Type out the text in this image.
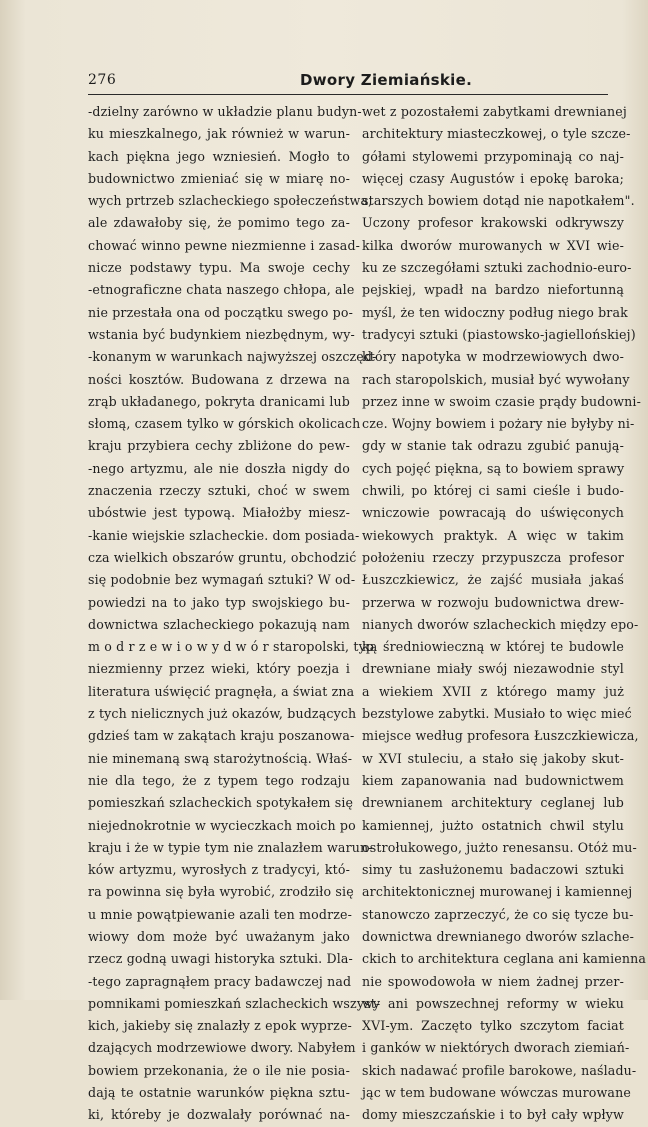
276	Dwory Ziemiańskie.
-dzielny zarówno w układzie planu budyn-
ku mieszkalnego, jak również w warun-
kach piękna jego wzniesień. Mogło to
budownictwo zmieniać się w miarę no-
wych prtrzeb szlacheckiego społeczeństwa,
ale zdawałoby się, że pomimo tego za-
chować winno pewne niezmienne i zasad-
nicze podstawy typu. Ma swoje cechy
-etnograficzne chata naszego chłopa, ale
nie przestała ona od początku swego po-
wstania być budynkiem niezbędnym, wy-
-konanym w warunkach najwyższej oszczęd-
ności kosztów. Budowana z drzewa na
zrąb układanego, pokryta dranicami lub
słomą, czasem tylko w górskich okolicach
kraju przybiera cechy zbliżone do pew-
-nego artyzmu, ale nie doszła nigdy do
znaczenia rzeczy sztuki, choć w swem
ubóstwie jest typową. Miałożby miesz-
-kanie wiejskie szlacheckie. dom posiada-
cza wielkich obszarów gruntu, obchodzić
się podobnie bez wymagań sztuki? W od-
powiedzi na to jako typ swojskiego bu-
downictwa szlacheckiego pokazują nam
m o d r z e w i o w y d w ó r staropolski, typ
niezmienny przez wieki, który poezja i
literatura uświęcić pragnęła, a świat zna
z tych nielicznych już okazów, budzących
gdzieś tam w zakątach kraju poszanowa-
nie minemaną swą starożytnością. Właś-
nie dla tego, że z typem tego rodzaju
pomieszkań szlacheckich spotykałem się
niejednokrotnie w wycieczkach moich po
kraju i że w typie tym nie znalazłem warun-
ków artyzmu, wyrosłych z tradycyi, któ-
ra powinna się była wyrobić, zrodziło się
u mnie powątpiewanie azali ten modrze-
wiowy dom może być uważanym jako
rzecz godną uwagi historyka sztuki. Dla-
-tego zapragnąłem pracy badawczej nad
pomnikami pomieszkań szlacheckich wszyst-
kich, jakieby się znalazły z epok wyprze-
dzających modrzewiowe dwory. Nabyłem
bowiem przekonania, że o ile nie posia-
dają te ostatnie warunków piękna sztu-
ki, któreby je dozwalały porównać na-
wet z pozostałemi zabytkami drewnianej
architektury miasteczkowej, o tyle szcze-
gółami stylowemi przypominają co naj-
więcej czasy Augustów i epokę baroka;
starszych bowiem dotąd nie napotkałem".
Uczony profesor krakowski odkrywszy
kilka dworów murowanych w XVI wie-
ku ze szczegółami sztuki zachodnio-euro-
pejskiej, wpadł na bardzo niefortunną
myśl, że ten widoczny podług niego brak
tradycyi sztuki (piastowsko-jagiellońskiej)
który napotyka w modrzewiowych dwo-
rach staropolskich, musiał być wywołany
przez inne w swoim czasie prądy budowni-
cze. Wojny bowiem i pożary nie byłyby ni-
gdy w stanie tak odrazu zgubić panują-
cych pojęć piękna, są to bowiem sprawy
chwili, po której ci sami cieśle i budo-
wniczowie powracają do uświęconych
wiekowych praktyk. A więc w takim
położeniu rzeczy przypuszcza profesor
Łuszczkiewicz, że zajść musiała jakaś
przerwa w rozwoju budownictwa drew-
nianych dworów szlacheckich między epo-
ką średniowieczną w której te budowle
drewniane miały swój niezawodnie styl
a wiekiem XVII z którego mamy już
bezstylowe zabytki. Musiało to więc mieć
miejsce według profesora Łuszczkiewicza,
w XVI stuleciu, a stało się jakoby skut-
kiem zapanowania nad budownictwem
drewnianem architektury ceglanej lub
kamiennej, jużto ostatnich chwil stylu
ostrołukowego, jużto renesansu. Otóż mu-
simy tu zasłużonemu badaczowi sztuki
architektonicznej murowanej i kamiennej
stanowczo zaprzeczyć, że co się tycze bu-
downictwa drewnianego dworów szlache-
ckich to architektura ceglana ani kamienna
nie spowodowoła w niem żadnej przer-
wy ani powszechnej reformy w wieku
XVI-ym. Zaczęto tylko szczytom faciat
i ganków w niektórych dworach ziemiań-
skich nadawać profile barokowe, naśladu-
jąc w tem budowane wówczas murowane
domy mieszczańskie i to był cały wpływ
